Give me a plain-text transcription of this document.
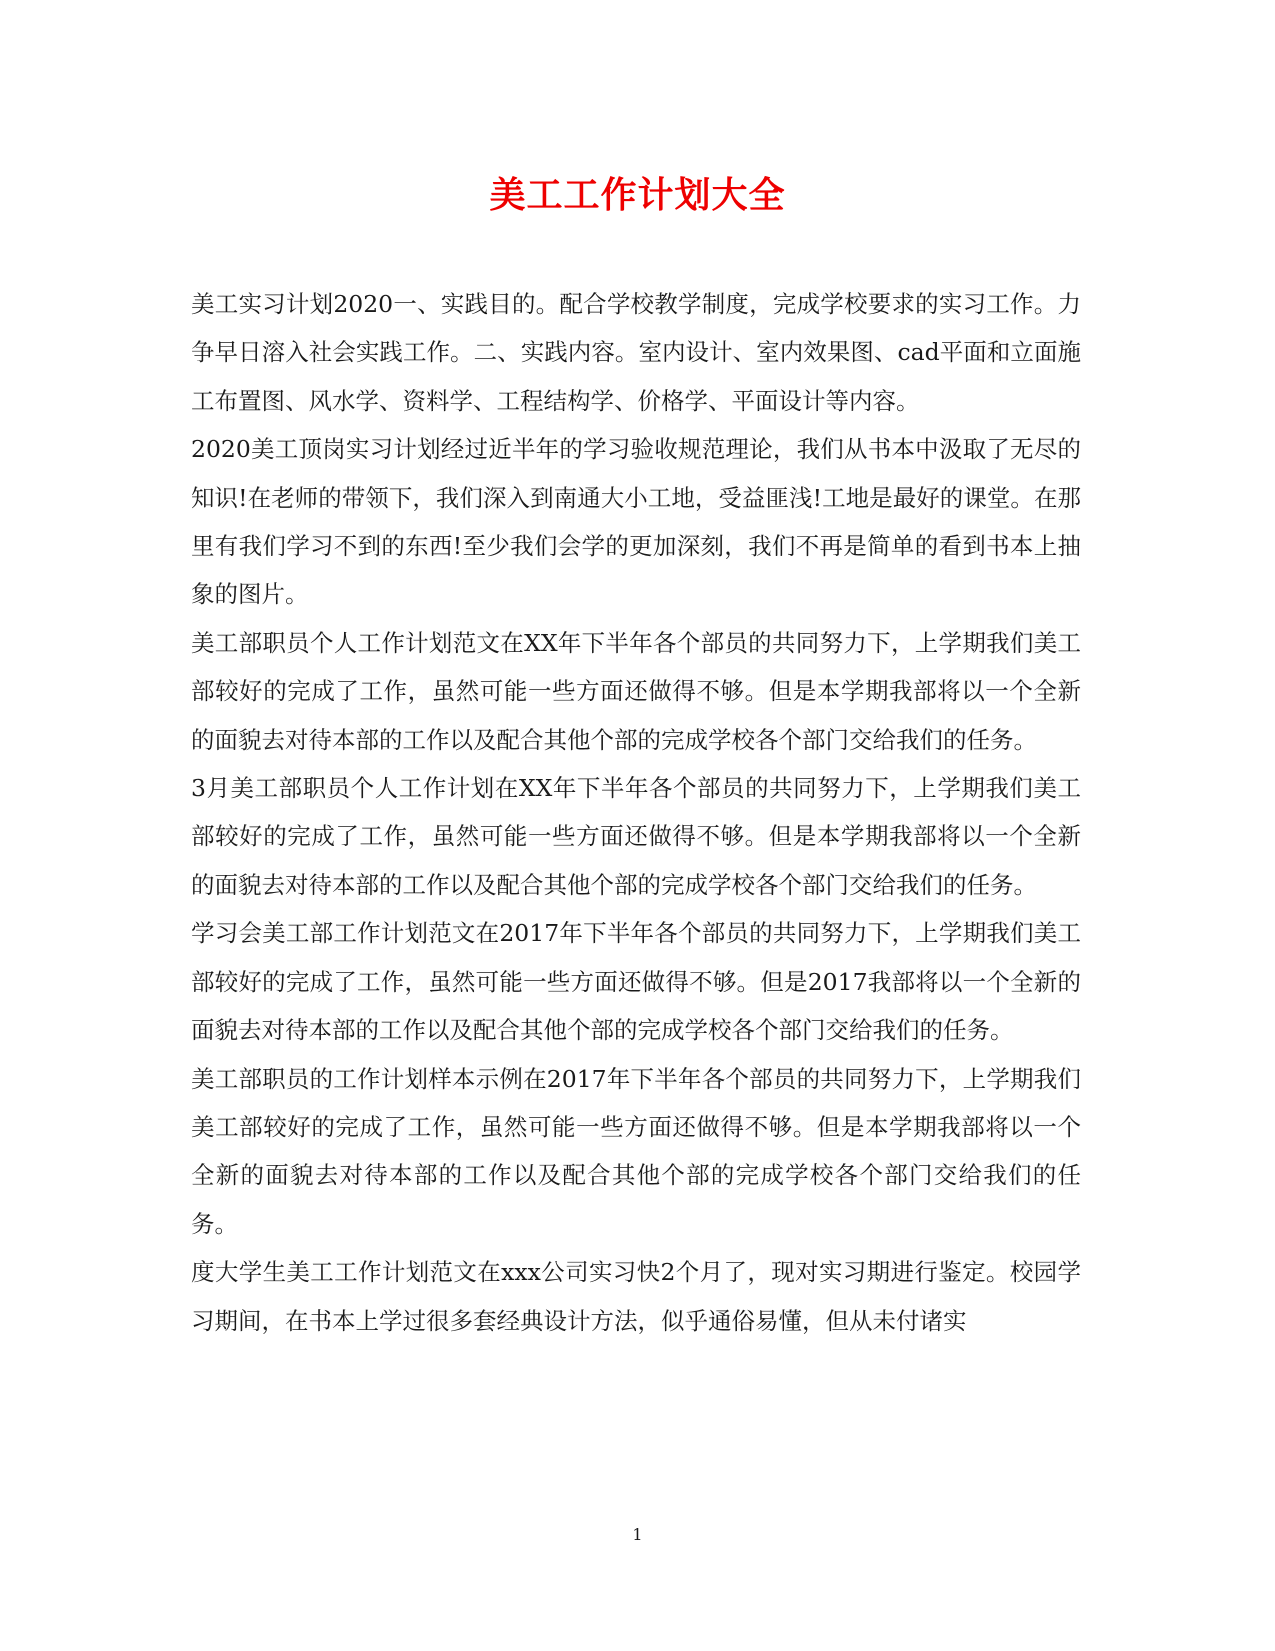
美工工作计划大全

美工实习计划2020一、实践目的。配合学校教学制度，完成学校要求的实习工作。力争早日溶入社会实践工作。二、实践内容。室内设计、室内效果图、cad平面和立面施工布置图、风水学、资料学、工程结构学、价格学、平面设计等内容。

2020美工顶岗实习计划经过近半年的学习验收规范理论，我们从书本中汲取了无尽的知识!在老师的带领下，我们深入到南通大小工地，受益匪浅!工地是最好的课堂。在那里有我们学习不到的东西!至少我们会学的更加深刻，我们不再是简单的看到书本上抽象的图片。

美工部职员个人工作计划范文在XX年下半年各个部员的共同努力下，上学期我们美工部较好的完成了工作，虽然可能一些方面还做得不够。但是本学期我部将以一个全新的面貌去对待本部的工作以及配合其他个部的完成学校各个部门交给我们的任务。

3月美工部职员个人工作计划在XX年下半年各个部员的共同努力下，上学期我们美工部较好的完成了工作，虽然可能一些方面还做得不够。但是本学期我部将以一个全新的面貌去对待本部的工作以及配合其他个部的完成学校各个部门交给我们的任务。

学习会美工部工作计划范文在2017年下半年各个部员的共同努力下，上学期我们美工部较好的完成了工作，虽然可能一些方面还做得不够。但是2017我部将以一个全新的面貌去对待本部的工作以及配合其他个部的完成学校各个部门交给我们的任务。

美工部职员的工作计划样本示例在2017年下半年各个部员的共同努力下，上学期我们美工部较好的完成了工作，虽然可能一些方面还做得不够。但是本学期我部将以一个全新的面貌去对待本部的工作以及配合其他个部的完成学校各个部门交给我们的任务。

度大学生美工工作计划范文在xxx公司实习快2个月了，现对实习期进行鉴定。校园学习期间，在书本上学过很多套经典设计方法，似乎通俗易懂，但从未付诸实

1
